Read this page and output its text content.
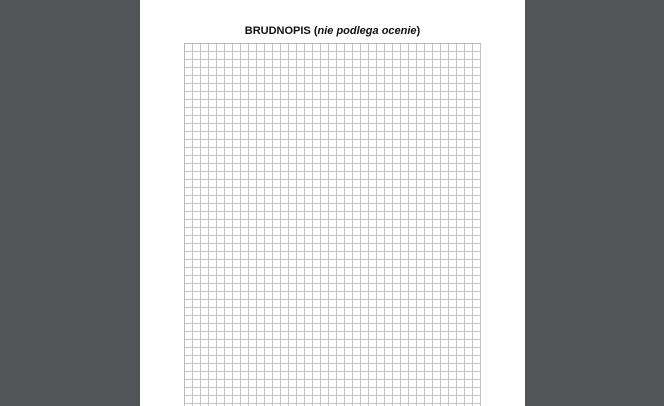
BRUDNOPIS (nie podlega ocenie)
